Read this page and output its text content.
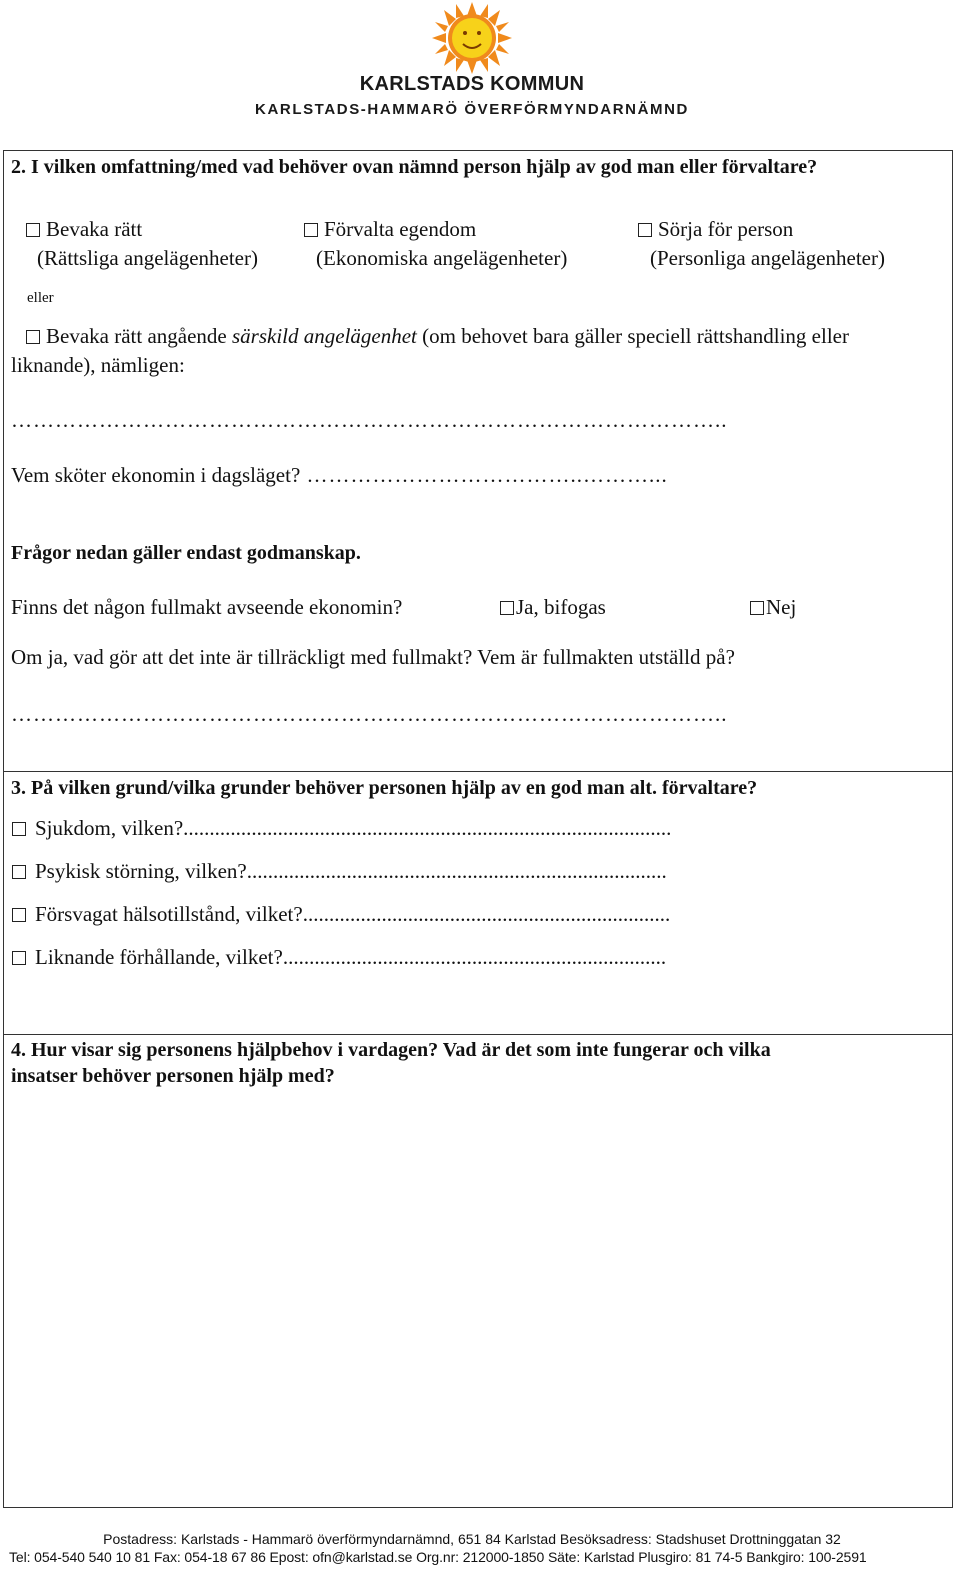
KARLSTADS KOMMUN
KARLSTADS-HAMMARÖ ÖVERFÖRMYNDARNÄMND
2. I vilken omfattning/med vad behöver ovan nämnd person hjälp av god man eller förvaltare?
Bevaka rätt
(Rättsliga angelägenheter)
Förvalta egendom
(Ekonomiska angelägenheter)
Sörja för person
(Personliga angelägenheter)
eller
Bevaka rätt angående särskild angelägenhet (om behovet bara gäller speciell rättshandling eller
liknande), nämligen:
……………………………………………………………………………………..
Vem sköter ekonomin i dagsläget? ………………………………..………...
Frågor nedan gäller endast godmanskap.
Finns det någon fullmakt avseende ekonomin?	Ja, bifogas	Nej
Om ja, vad gör att det inte är tillräckligt med fullmakt? Vem är fullmakten utställd på?
……………………………………………………………………………………..
3. På vilken grund/vilka grunder behöver personen hjälp av en god man alt. förvaltare?
Sjukdom, vilken?.............................................................................................
Psykisk störning, vilken?................................................................................
Försvagat hälsotillstånd, vilket?......................................................................
Liknande förhållande, vilket?.........................................................................
4. Hur visar sig personens hjälpbehov i vardagen? Vad är det som inte fungerar och vilka
insatser behöver personen hjälp med?
Postadress: Karlstads - Hammarö överförmyndarnämnd, 651 84 Karlstad Besöksadress: Stadshuset Drottninggatan 32
Tel: 054-540 540 10 81 Fax: 054-18 67 86 Epost: ofn@karlstad.se Org.nr: 212000-1850 Säte: Karlstad Plusgiro: 81 74-5 Bankgiro: 100-2591
